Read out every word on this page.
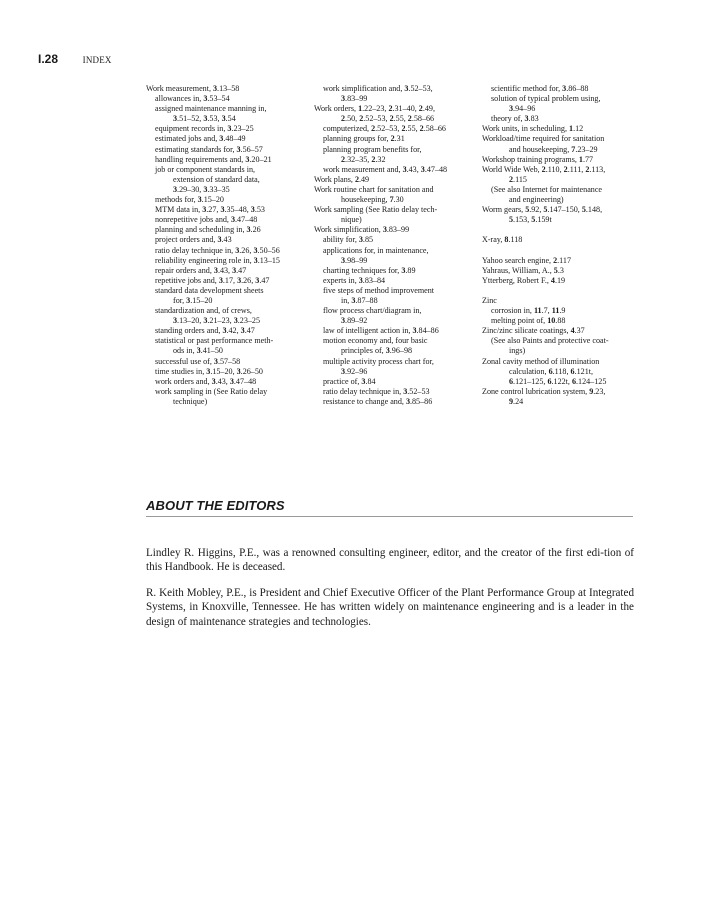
I.28	INDEX
Work measurement, 3.13–58
allowances in, 3.53–54
assigned maintenance manning in,
3.51–52, 3.53, 3.54
equipment records in, 3.23–25
estimated jobs and, 3.48–49
estimating standards for, 3.56–57
handling requirements and, 3.20–21
job or component standards in,
extension of standard data,
3.29–30, 3.33–35
methods for, 3.15–20
MTM data in, 3.27, 3.35–48, 3.53
nonrepetitive jobs and, 3.47–48
planning and scheduling in, 3.26
project orders and, 3.43
ratio delay technique in, 3.26, 3.50–56
reliability engineering role in, 3.13–15
repair orders and, 3.43, 3.47
repetitive jobs and, 3.17, 3.26, 3.47
standard data development sheets
for, 3.15–20
standardization and, of crews,
3.13–20, 3.21–23, 3.23–25
standing orders and, 3.42, 3.47
statistical or past performance meth-
ods in, 3.41–50
successful use of, 3.57–58
time studies in, 3.15–20, 3.26–50
work orders and, 3.43, 3.47–48
work sampling in (See Ratio delay
technique)
work simplification and, 3.52–53,
3.83–99
Work orders, 1.22–23, 2.31–40, 2.49,
2.50, 2.52–53, 2.55, 2.58–66
computerized, 2.52–53, 2.55, 2.58–66
planning groups for, 2.31
planning program benefits for,
2.32–35, 2.32
work measurement and, 3.43, 3.47–48
Work plans, 2.49
Work routine chart for sanitation and
housekeeping, 7.30
Work sampling (See Ratio delay tech-
nique)
Work simplification, 3.83–99
ability for, 3.85
applications for, in maintenance,
3.98–99
charting techniques for, 3.89
experts in, 3.83–84
five steps of method improvement
in, 3.87–88
flow process chart/diagram in,
3.89–92
law of intelligent action in, 3.84–86
motion economy and, four basic
principles of, 3.96–98
multiple activity process chart for,
3.92–96
practice of, 3.84
ratio delay technique in, 3.52–53
resistance to change and, 3.85–86
scientific method for, 3.86–88
solution of typical problem using,
3.94–96
theory of, 3.83
Work units, in scheduling, 1.12
Workload/time required for sanitation
and housekeeping, 7.23–29
Workshop training programs, 1.77
World Wide Web, 2.110, 2.111, 2.113,
2.115
(See also Internet for maintenance
and engineering)
Worm gears, 5.92, 5.147–150, 5.148,
5.153, 5.159t
X-ray, 8.118
Yahoo search engine, 2.117
Yahraus, William, A., 5.3
Ytterberg, Robert F., 4.19
Zinc
corrosion in, 11.7, 11.9
melting point of, 10.88
Zinc/zinc silicate coatings, 4.37
(See also Paints and protective coat-
ings)
Zonal cavity method of illumination
calculation, 6.118, 6.121t,
6.121–125, 6.122t, 6.124–125
Zone control lubrication system, 9.23,
9.24
ABOUT THE EDITORS

Lindley R. Higgins, P.E., was a renowned consulting engineer, editor, and the creator of the first edi-tion of this Handbook. He is deceased.

R. Keith Mobley, P.E., is President and Chief Executive Officer of the Plant Performance Group at Integrated Systems, in Knoxville, Tennessee. He has written widely on maintenance engineering and is a leader in the design of maintenance strategies and technologies.
